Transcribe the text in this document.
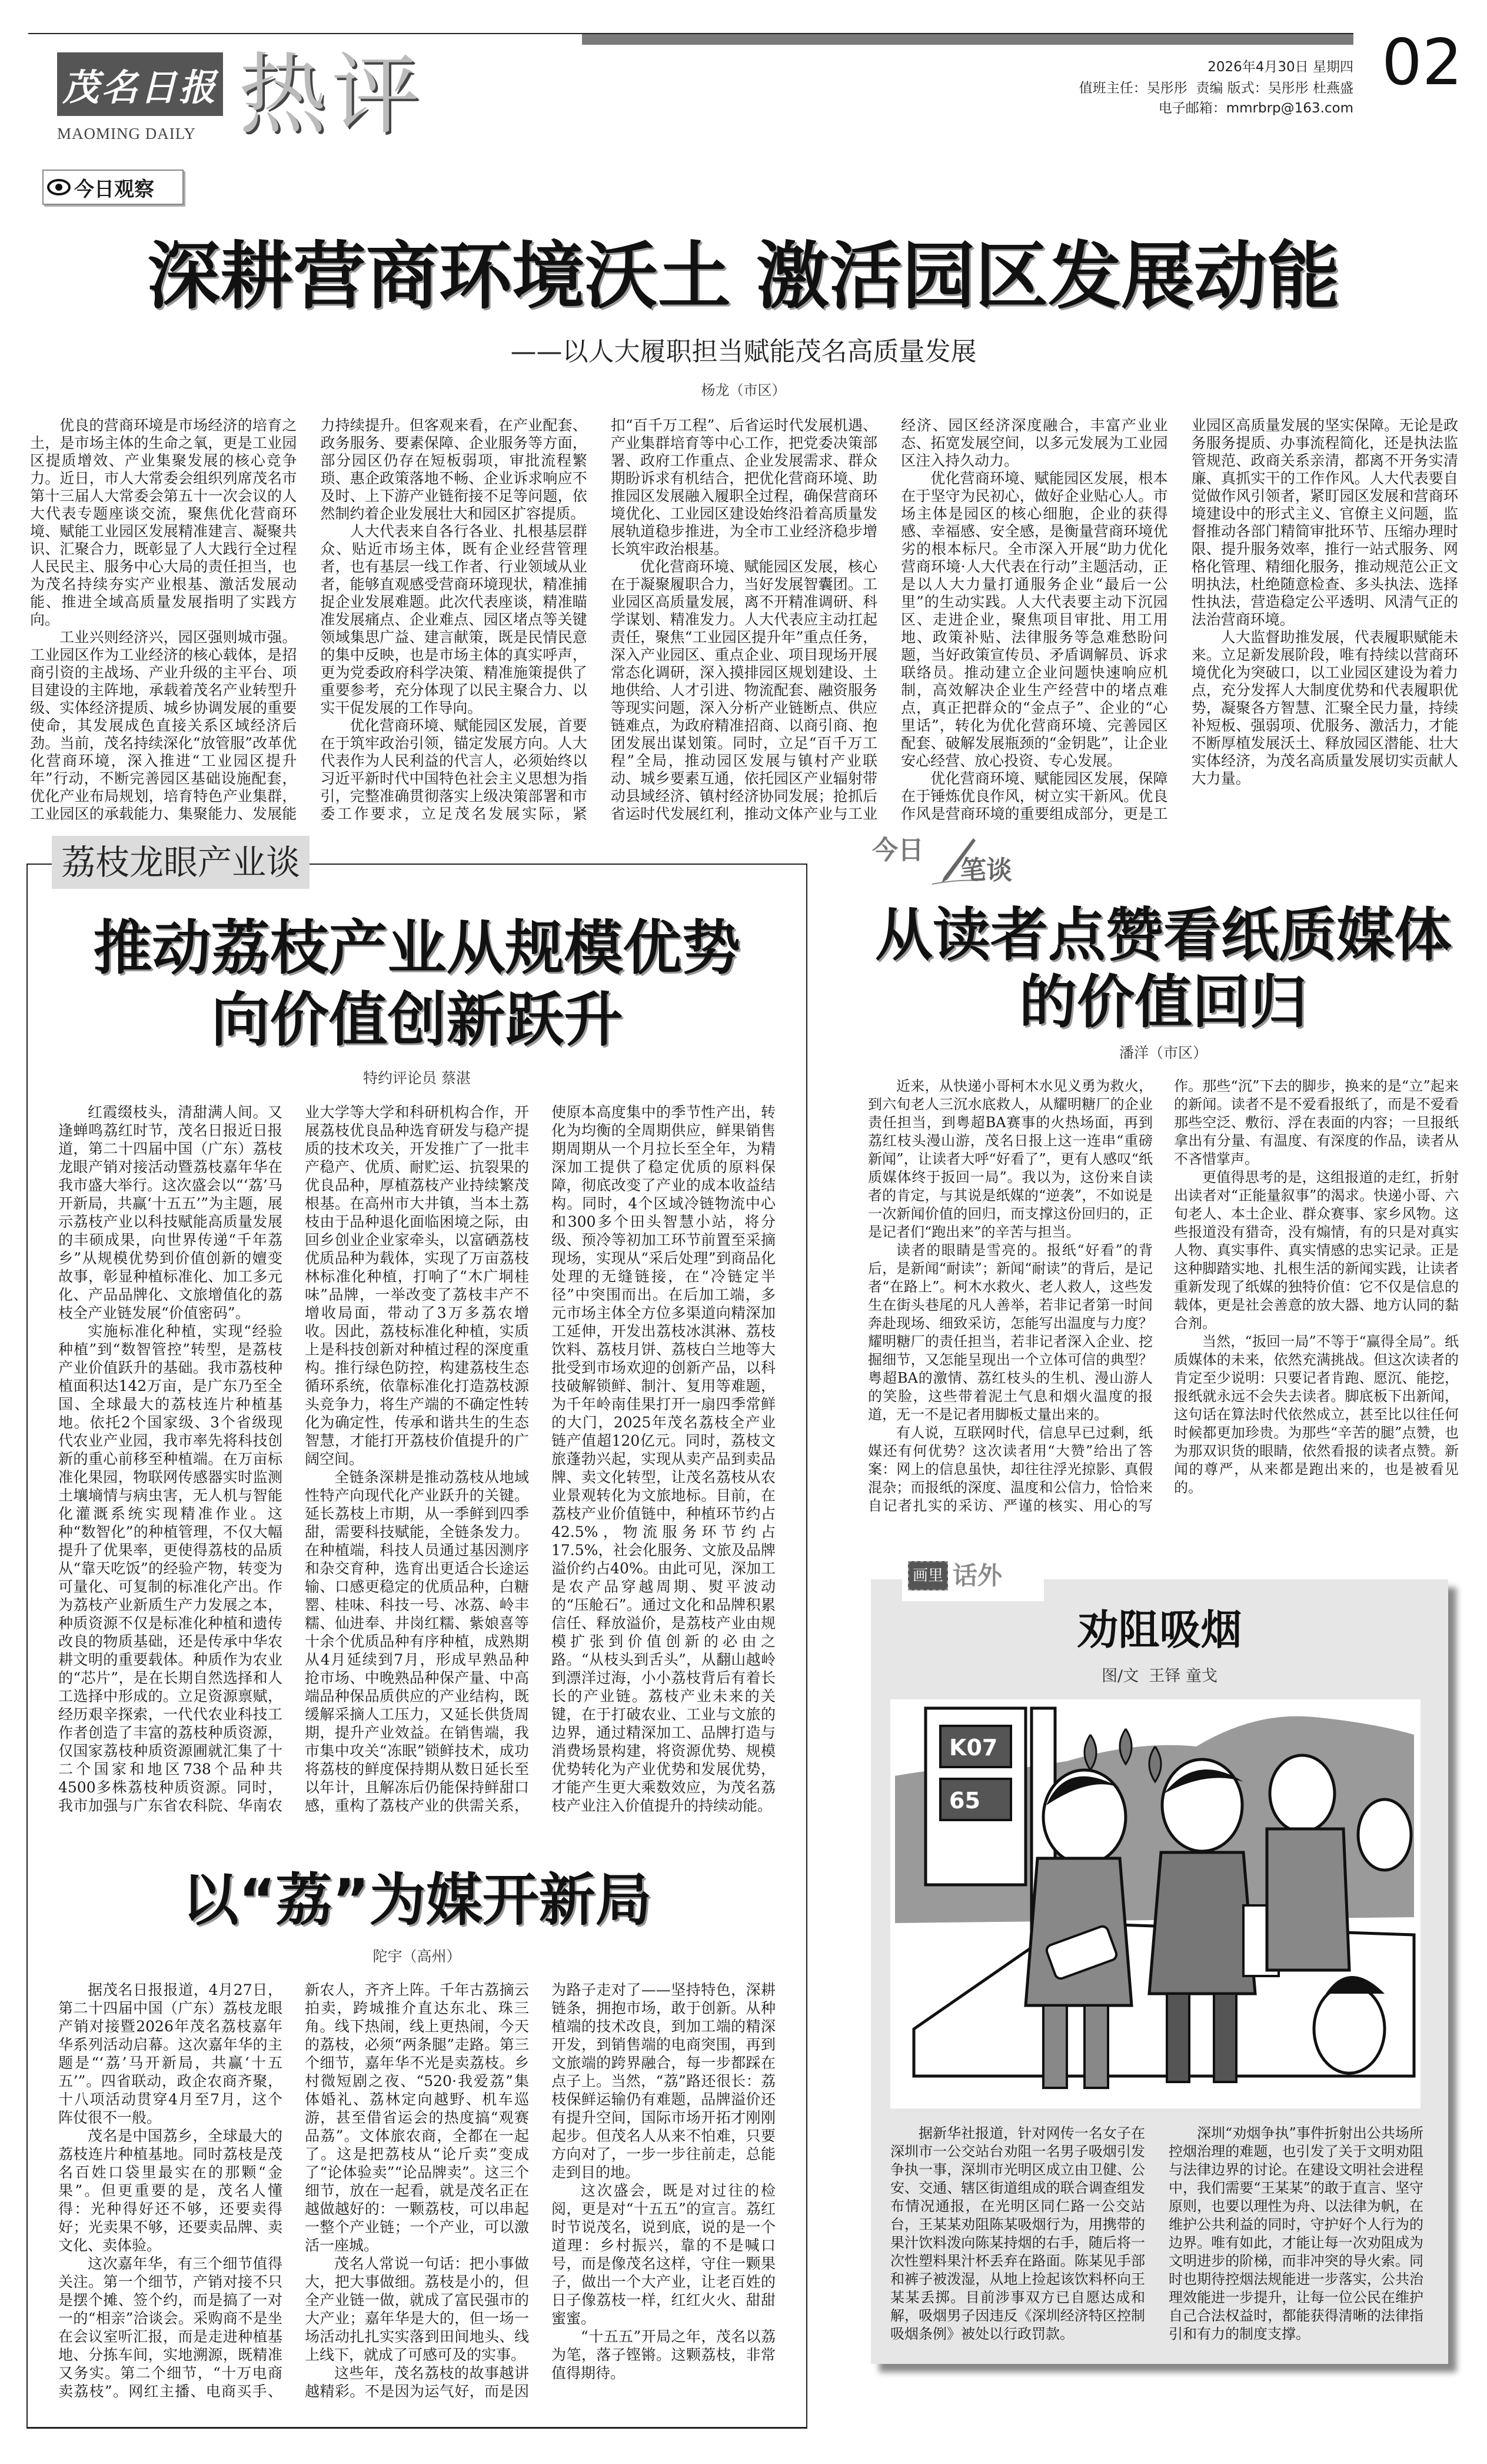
茂名日报
MAOMING DAILY 热评	2026年4月30日 星期四
值班主任：吴彤彤  责编 版式：吴彤彤 杜燕盛
电子邮箱：mmrbrp@163.com
02
今日观察
深耕营商环境沃土 激活园区发展动能
——以人大履职担当赋能茂名高质量发展
杨龙（市区）

优良的营商环境是市场经济的培育之土，是市场主体的生命之氧，更是工业园区提质增效、产业集聚发展的核心竞争力。近日，市人大常委会组织列席茂名市第十三届人大常委会第五十一次会议的人大代表专题座谈交流，聚焦优化营商环境、赋能工业园区发展精准建言、凝聚共识、汇聚合力，既彰显了人大践行全过程人民民主、服务中心大局的责任担当，也为茂名持续夯实产业根基、激活发展动能、推进全域高质量发展指明了实践方向。

工业兴则经济兴，园区强则城市强。工业园区作为工业经济的核心载体，是招商引资的主战场、产业升级的主平台、项目建设的主阵地，承载着茂名产业转型升级、实体经济提质、城乡协调发展的重要使命，其发展成色直接关系区域经济后劲。当前，茂名持续深化“放管服”改革优化营商环境，深入推进“工业园区提升年”行动，不断完善园区基础设施配套，优化产业布局规划，培育特色产业集群，工业园区的承载能力、集聚能力、发展能力持续提升。但客观来看，在产业配套、政务服务、要素保障、企业服务等方面，部分园区仍存在短板弱项，审批流程繁琐、惠企政策落地不畅、企业诉求响应不及时、上下游产业链衔接不足等问题，依然制约着企业发展壮大和园区扩容提质。

人大代表来自各行各业、扎根基层群众、贴近市场主体，既有企业经营管理者，也有基层一线工作者、行业领域从业者，能够直观感受营商环境现状，精准捕捉企业发展难题。此次代表座谈，精准瞄准发展痛点、企业难点、园区堵点等关键领域集思广益、建言献策，既是民情民意的集中反映，也是市场主体的真实呼声，更为党委政府科学决策、精准施策提供了重要参考，充分体现了以民主聚合力、以实干促发展的工作导向。

优化营商环境、赋能园区发展，首要在于筑牢政治引领，锚定发展方向。人大代表作为人民利益的代言人，必须始终以习近平新时代中国特色社会主义思想为指引，完整准确贯彻落实上级决策部署和市委工作要求，立足茂名发展实际，紧扣“百千万工程”、后省运时代发展机遇、产业集群培育等中心工作，把党委决策部署、政府工作重点、企业发展需求、群众期盼诉求有机结合，把优化营商环境、助推园区发展融入履职全过程，确保营商环境优化、工业园区建设始终沿着高质量发展轨道稳步推进，为全市工业经济稳步增长筑牢政治根基。

优化营商环境、赋能园区发展，核心在于凝聚履职合力，当好发展智囊团。工业园区高质量发展，离不开精准调研、科学谋划、精准发力。人大代表应主动扛起责任，聚焦“工业园区提升年”重点任务，深入产业园区、重点企业、项目现场开展常态化调研，深入摸排园区规划建设、土地供给、人才引进、物流配套、融资服务等现实问题，深入分析产业链断点、供应链难点，为政府精准招商、以商引商、抱团发展出谋划策。同时，立足“百千万工程”全局，推动园区发展与镇村产业联动、城乡要素互通，依托园区产业辐射带动县域经济、镇村经济协同发展；抢抓后省运时代发展红利，推动文体产业与工业经济、园区经济深度融合，丰富产业业态、拓宽发展空间，以多元发展为工业园区注入持久动力。

优化营商环境、赋能园区发展，根本在于坚守为民初心，做好企业贴心人。市场主体是园区的核心细胞，企业的获得感、幸福感、安全感，是衡量营商环境优劣的根本标尺。全市深入开展“助力优化营商环境·人大代表在行动”主题活动，正是以人大力量打通服务企业“最后一公里”的生动实践。人大代表要主动下沉园区、走进企业，聚焦项目审批、用工用地、政策补贴、法律服务等急难愁盼问题，当好政策宣传员、矛盾调解员、诉求联络员。推动建立企业问题快速响应机制，高效解决企业生产经营中的堵点难点，真正把群众的“金点子”、企业的“心里话”，转化为优化营商环境、完善园区配套、破解发展瓶颈的“金钥匙”，让企业安心经营、放心投资、专心发展。

优化营商环境、赋能园区发展，保障在于锤炼优良作风，树立实干新风。优良作风是营商环境的重要组成部分，更是工业园区高质量发展的坚实保障。无论是政务服务提质、办事流程简化，还是执法监管规范、政商关系亲清，都离不开务实清廉、真抓实干的工作作风。人大代表要自觉做作风引领者，紧盯园区发展和营商环境建设中的形式主义、官僚主义问题，监督推动各部门精简审批环节、压缩办理时限、提升服务效率，推行一站式服务、网格化管理、精细化服务，推动规范公正文明执法，杜绝随意检查、多头执法、选择性执法，营造稳定公平透明、风清气正的法治营商环境。

人大监督助推发展，代表履职赋能未来。立足新发展阶段，唯有持续以营商环境优化为突破口，以工业园区建设为着力点，充分发挥人大制度优势和代表履职优势，凝聚各方智慧、汇聚全民力量，持续补短板、强弱项、优服务、激活力，才能不断厚植发展沃土、释放园区潜能、壮大实体经济，为茂名高质量发展切实贡献人大力量。

荔枝龙眼产业谈
推动荔枝产业从规模优势
向价值创新跃升
特约评论员 蔡湛

红霞缀枝头，清甜满人间。又逢蝉鸣荔红时节，茂名日报近日报道，第二十四届中国（广东）荔枝龙眼产销对接活动暨荔枝嘉年华在我市盛大举行。这次盛会以“‘荔’马开新局，共赢‘十五五’”为主题，展示荔枝产业以科技赋能高质量发展的丰硕成果，向世界传递“千年荔乡”从规模优势到价值创新的嬗变故事，彰显种植标准化、加工多元化、产品品牌化、文旅增值化的荔枝全产业链发展“价值密码”。

实施标准化种植，实现“经验种植”到“数智管控”转型，是荔枝产业价值跃升的基础。我市荔枝种植面积达142万亩，是广东乃至全国、全球最大的荔枝连片种植基地。依托2个国家级、3个省级现代农业产业园，我市率先将科技创新的重心前移至种植端。在万亩标准化果园，物联网传感器实时监测土壤墒情与病虫害，无人机与智能化灌溉系统实现精准作业。这种“数智化”的种植管理，不仅大幅提升了优果率，更使得荔枝的品质从“靠天吃饭”的经验产物，转变为可量化、可复制的标准化产出。作为荔枝产业新质生产力发展之本，种质资源不仅是标准化种植和遗传改良的物质基础，还是传承中华农耕文明的重要载体。种质作为农业的“芯片”，是在长期自然选择和人工选择中形成的。立足资源禀赋，经历艰辛探索，一代代农业科技工作者创造了丰富的荔枝种质资源，仅国家荔枝种质资源圃就汇集了十二个国家和地区738个品种共4500多株荔枝种质资源。同时，我市加强与广东省农科院、华南农业大学等大学和科研机构合作，开展荔枝优良品种选育研发与稳产提质的技术攻关，开发推广了一批丰产稳产、优质、耐贮运、抗裂果的优良品种，厚植荔枝产业持续繁茂根基。在高州市大井镇，当本土荔枝由于品种退化面临困境之际，由回乡创业企业家牵头，以富硒荔枝优质品种为载体，实现了万亩荔枝林标准化种植，打响了“木广垌桂味”品牌，一举改变了荔枝丰产不增收局面，带动了3万多荔农增收。因此，荔枝标准化种植，实质上是科技创新对种植过程的深度重构。推行绿色防控，构建荔枝生态循环系统，依靠标准化打造荔枝源头竞争力，将生产端的不确定性转化为确定性，传承和谐共生的生态智慧，才能打开荔枝价值提升的广阔空间。

全链条深耕是推动荔枝从地域性特产向现代化产业跃升的关键。延长荔枝上市期，从一季鲜到四季甜，需要科技赋能，全链条发力。在种植端，科技人员通过基因测序和杂交育种，选育出更适合长途运输、口感更稳定的优质品种，白糖罂、桂味、科技一号、冰荔、岭丰糯、仙进奉、井岗红糯、紫娘喜等十余个优质品种有序种植，成熟期从4月延续到7月，形成早熟品种抢市场、中晚熟品种保产量、中高端品种保品质供应的产业结构，既缓解采摘人工压力，又延长供货周期，提升产业效益。在销售端，我市集中攻关“冻眠”锁鲜技术，成功将荔枝的鲜度保持期从数日延长至以年计，且解冻后仍能保持鲜甜口感，重构了荔枝产业的供需关系，使原本高度集中的季节性产出，转化为均衡的全周期供应，鲜果销售期周期从一个月拉长至全年，为精深加工提供了稳定优质的原料保障，彻底改变了产业的成本收益结构。同时，4个区域冷链物流中心和300多个田头智慧小站，将分级、预冷等初加工环节前置至采摘现场，实现从“采后处理”到商品化处理的无缝链接，在“冷链定半径”中突围而出。在后加工端，多元市场主体全方位多渠道向精深加工延伸，开发出荔枝冰淇淋、荔枝饮料、荔枝月饼、荔枝白兰地等大批受到市场欢迎的创新产品，以科技破解锁鲜、制汁、复用等难题，为千年岭南佳果打开一扇四季常鲜的大门，2025年茂名荔枝全产业链产值超120亿元。同时，荔枝文旅蓬勃兴起，实现从卖产品到卖品牌、卖文化转型，让茂名荔枝从农业景观转化为文旅地标。目前，在荔枝产业价值链中，种植环节约占42.5%，物流服务环节约占17.5%，社会化服务、文旅及品牌溢价约占40%。由此可见，深加工是农产品穿越周期、熨平波动的“压舱石”。通过文化和品牌积累信任、释放溢价，是荔枝产业由规模扩张到价值创新的必由之路。“从枝头到舌头”，从翻山越岭到漂洋过海，小小荔枝背后有着长长的产业链。荔枝产业未来的关键，在于打破农业、工业与文旅的边界，通过精深加工、品牌打造与消费场景构建，将资源优势、规模优势转化为产业优势和发展优势，才能产生更大乘数效应，为茂名荔枝产业注入价值提升的持续动能。

以“荔”为媒开新局
陀宇（高州）

据茂名日报报道，4月27日，第二十四届中国（广东）荔枝龙眼产销对接暨2026年茂名荔枝嘉年华系列活动启幕。这次嘉年华的主题是“‘荔’马开新局，共赢‘十五五’”。四省联动，政企农商齐聚，十八项活动贯穿4月至7月，这个阵仗很不一般。

茂名是中国荔乡，全球最大的荔枝连片种植基地。同时荔枝是茂名百姓口袋里最实在的那颗“金果”。但更重要的是，茂名人懂得：光种得好还不够，还要卖得好；光卖果不够，还要卖品牌、卖文化、卖体验。

这次嘉年华，有三个细节值得关注。第一个细节，产销对接不只是摆个摊、签个约，而是搞了一对一的“相亲”洽谈会。采购商不是坐在会议室听汇报，而是走进种植基地、分拣车间，实地溯源，既精准又务实。第二个细节，“十万电商卖荔枝”。网红主播、电商买手、新农人，齐齐上阵。千年古荔摘云拍卖，跨城推介直达东北、珠三角。线下热闹，线上更热闹，今天的荔枝，必须“两条腿”走路。第三个细节，嘉年华不光是卖荔枝。乡村微短剧之夜、“520·我爱荔”集体婚礼、荔林定向越野、机车巡游，甚至借省运会的热度搞“观赛品荔”。文体旅农商，全都在一起了。这是把荔枝从“论斤卖”变成了“论体验卖”“论品牌卖”。这三个细节，放在一起看，就是茂名正在越做越好的：一颗荔枝，可以串起一整个产业链；一个产业，可以激活一座城。

茂名人常说一句话：把小事做大，把大事做细。荔枝是小的，但全产业链一做，就成了富民强市的大产业；嘉年华是大的，但一场一场活动扎扎实实落到田间地头、线上线下，就成了可感可及的实事。

这些年，茂名荔枝的故事越讲越精彩。不是因为运气好，而是因为路子走对了——坚持特色，深耕链条，拥抱市场，敢于创新。从种植端的技术改良，到加工端的精深开发，到销售端的电商突围，再到文旅端的跨界融合，每一步都踩在点子上。当然，“荔”路还很长：荔枝保鲜运输仍有难题，品牌溢价还有提升空间，国际市场开拓才刚刚起步。但茂名人从来不怕难，只要方向对了，一步一步往前走，总能走到目的地。

这次盛会，既是对过往的检阅，更是对“十五五”的宣言。荔红时节说茂名，说到底，说的是一个道理：乡村振兴，靠的不是喊口号，而是像茂名这样，守住一颗果子，做出一个大产业，让老百姓的日子像荔枝一样，红红火火、甜甜蜜蜜。

“十五五”开局之年，茂名以荔为笔，落子铿锵。这颗荔枝，非常值得期待。

今日
笔谈
从读者点赞看纸质媒体
的价值回归
潘洋（市区）

近来，从快递小哥柯木水见义勇为救火，到六旬老人三沉水底救人，从耀明糖厂的企业责任担当，到粤超BA赛事的火热场面，再到荔红枝头漫山游，茂名日报上这一连串“重磅新闻”，让读者大呼“好看了”，更有人感叹“纸质媒体终于扳回一局”。我以为，这份来自读者的肯定，与其说是纸媒的“逆袭”，不如说是一次新闻价值的回归，而支撑这份回归的，正是记者们“跑出来”的辛苦与担当。

读者的眼睛是雪亮的。报纸“好看”的背后，是新闻“耐读”；新闻“耐读”的背后，是记者“在路上”。柯木水救火、老人救人，这些发生在街头巷尾的凡人善举，若非记者第一时间奔赴现场、细致采访，怎能写出温度与力度？耀明糖厂的责任担当，若非记者深入企业、挖掘细节，又怎能呈现出一个立体可信的典型？粤超BA的激情、荔红枝头的生机、漫山游人的笑脸，这些带着泥土气息和烟火温度的报道，无一不是记者用脚板丈量出来的。

有人说，互联网时代，信息早已过剩，纸媒还有何优势？这次读者用“大赞”给出了答案：网上的信息虽快，却往往浮光掠影、真假混杂；而报纸的深度、温度和公信力，恰恰来自记者扎实的采访、严谨的核实、用心的写作。那些“沉”下去的脚步，换来的是“立”起来的新闻。读者不是不爱看报纸了，而是不爱看那些空泛、敷衍、浮在表面的内容；一旦报纸拿出有分量、有温度、有深度的作品，读者从不吝惜掌声。

更值得思考的是，这组报道的走红，折射出读者对“正能量叙事”的渴求。快递小哥、六旬老人、本土企业、群众赛事、家乡风物。这些报道没有猎奇，没有煽情，有的只是对真实人物、真实事件、真实情感的忠实记录。正是这种脚踏实地、扎根生活的新闻实践，让读者重新发现了纸媒的独特价值：它不仅是信息的载体，更是社会善意的放大器、地方认同的黏合剂。

当然，“扳回一局”不等于“赢得全局”。纸质媒体的未来，依然充满挑战。但这次读者的肯定至少说明：只要记者肯跑、愿沉、能挖，报纸就永远不会失去读者。脚底板下出新闻，这句话在算法时代依然成立，甚至比以往任何时候都更加珍贵。为那些“辛苦的腿”点赞，也为那双识货的眼睛，依然看报的读者点赞。新闻的尊严，从来都是跑出来的，也是被看见的。

画里 话外
劝阻吸烟
图/文  王铎 童戈
K07
65

据新华社报道，针对网传一名女子在深圳市一公交站台劝阻一名男子吸烟引发争执一事，深圳市光明区成立由卫健、公安、交通、辖区街道组成的联合调查组发布情况通报，在光明区同仁路一公交站台，王某某劝阻陈某吸烟行为，用携带的果汁饮料泼向陈某持烟的右手，随后将一次性塑料果汁杯丢弃在路面。陈某见手部和裤子被泼湿，从地上捡起该饮料杯向王某某丢掷。目前涉事双方已自愿达成和解，吸烟男子因违反《深圳经济特区控制吸烟条例》被处以行政罚款。

深圳“劝烟争执”事件折射出公共场所控烟治理的难题，也引发了关于文明劝阻与法律边界的讨论。在建设文明社会进程中，我们需要“王某某”的敢于直言、坚守原则，也要以理性为舟、以法律为帆，在维护公共利益的同时，守护好个人行为的边界。唯有如此，才能让每一次劝阻成为文明进步的阶梯，而非冲突的导火索。同时也期待控烟法规能进一步落实，公共治理效能进一步提升，让每一位公民在维护自己合法权益时，都能获得清晰的法律指引和有力的制度支撑。
